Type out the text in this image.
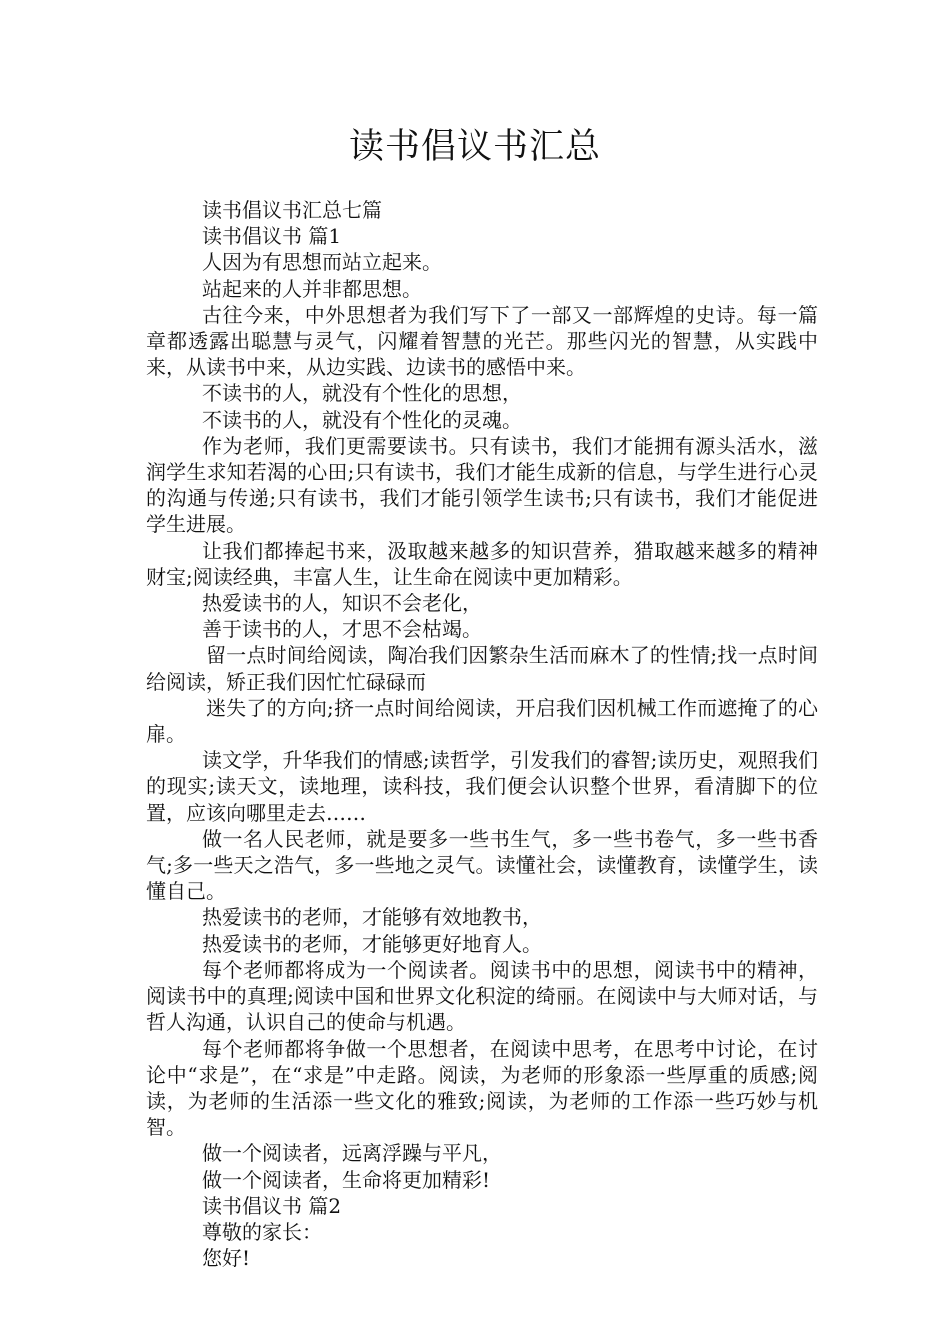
读书倡议书汇总

读书倡议书汇总七篇

读书倡议书 篇1

人因为有思想而站立起来。

站起来的人并非都思想。

古往今来，中外思想者为我们写下了一部又一部辉煌的史诗。每一篇章都透露出聪慧与灵气，闪耀着智慧的光芒。那些闪光的智慧，从实践中来，从读书中来，从边实践、边读书的感悟中来。

不读书的人，就没有个性化的思想，

不读书的人，就没有个性化的灵魂。

作为老师，我们更需要读书。只有读书，我们才能拥有源头活水，滋润学生求知若渴的心田;只有读书，我们才能生成新的信息，与学生进行心灵的沟通与传递;只有读书，我们才能引领学生读书;只有读书，我们才能促进学生进展。

让我们都捧起书来，汲取越来越多的知识营养，猎取越来越多的精神财宝;阅读经典，丰富人生，让生命在阅读中更加精彩。

热爱读书的人，知识不会老化，

善于读书的人，才思不会枯竭。

留一点时间给阅读，陶冶我们因繁杂生活而麻木了的性情;找一点时间给阅读，矫正我们因忙忙碌碌而

迷失了的方向;挤一点时间给阅读，开启我们因机械工作而遮掩了的心扉。

读文学，升华我们的情感;读哲学，引发我们的睿智;读历史，观照我们的现实;读天文，读地理，读科技，我们便会认识整个世界，看清脚下的位置，应该向哪里走去……

做一名人民老师，就是要多一些书生气，多一些书卷气，多一些书香气;多一些天之浩气，多一些地之灵气。读懂社会，读懂教育，读懂学生，读懂自己。

热爱读书的老师，才能够有效地教书，

热爱读书的老师，才能够更好地育人。

每个老师都将成为一个阅读者。阅读书中的思想，阅读书中的精神，阅读书中的真理;阅读中国和世界文化积淀的绮丽。在阅读中与大师对话，与哲人沟通，认识自己的使命与机遇。

每个老师都将争做一个思想者，在阅读中思考，在思考中讨论，在讨论中“求是”，在“求是”中走路。阅读，为老师的形象添一些厚重的质感;阅读，为老师的生活添一些文化的雅致;阅读，为老师的工作添一些巧妙与机智。

做一个阅读者，远离浮躁与平凡，

做一个阅读者，生命将更加精彩!

读书倡议书 篇2

尊敬的家长：

您好!
